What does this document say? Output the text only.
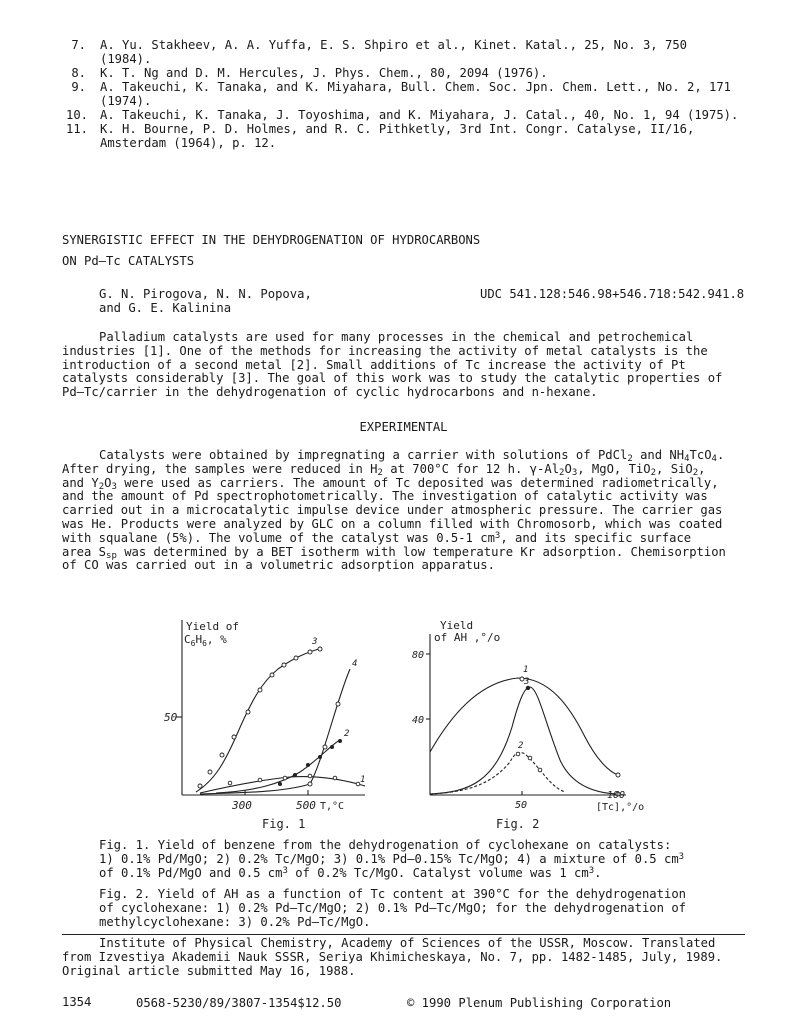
7. A. Yu. Stakheev, A. A. Yuffa, E. S. Shpiro et al., Kinet. Katal., 25, No. 3, 750
(1984).
8. K. T. Ng and D. M. Hercules, J. Phys. Chem., 80, 2094 (1976).
9. A. Takeuchi, K. Tanaka, and K. Miyahara, Bull. Chem. Soc. Jpn. Chem. Lett., No. 2, 171
(1974).
10. A. Takeuchi, K. Tanaka, J. Toyoshima, and K. Miyahara, J. Catal., 40, No. 1, 94 (1975).
11. K. H. Bourne, P. D. Holmes, and R. C. Pithketly, 3rd Int. Congr. Catalyse, II/16,
Amsterdam (1964), p. 12.
SYNERGISTIC EFFECT IN THE DEHYDROGENATION OF HYDROCARBONS
ON Pd–Tc CATALYSTS
G. N. Pirogova, N. N. Popova,
and G. E. Kalinina
UDC 541.128:546.98+546.718:542.941.8
Palladium catalysts are used for many processes in the chemical and petrochemical
industries [1]. One of the methods for increasing the activity of metal catalysts is the
introduction of a second metal [2]. Small additions of Tc increase the activity of Pt
catalysts considerably [3]. The goal of this work was to study the catalytic properties of
Pd–Tc/carrier in the dehydrogenation of cyclic hydrocarbons and n-hexane.
EXPERIMENTAL
Catalysts were obtained by impregnating a carrier with solutions of PdCl$_2$ and $NH_4TcO_4$.
After drying, the samples were reduced in $H_2$ at 700°C for 12 h. $\gamma-Al_2O_3$, MgO, TiO$_2$, SiO$_2$,
and $Y_2O_3$ were used as carriers. The amount of Tc deposited was determined radiometrically,
and the amount of Pd spectrophotometrically. The investigation of catalytic activity was
carried out in a microcatalytic impulse device under atmospheric pressure. The carrier gas
was He. Products were analyzed by GLC on a column filled with Chromosorb, which was coated
with squalane (5%). The volume of the catalyst was 0.5-1 $cm^3$, and its specific surface
area $S_{sp}$ was determined by a BET isotherm with low temperature Kr adsorption. Chemisorption
of CO was carried out in a volumetric adsorption apparatus.
Yield of
$C_6H_6$, %
50
300	500 T,°C
1
2
3
4
Fig. 1
Yield
of AH ,°/o
80
40
50
100
[Tc],°/o
1
2
3
Fig. 2
Fig. 1. Yield of benzene from the dehydrogenation of cyclohexane on catalysts:
1) 0.1% Pd/MgO; 2) 0.2% Tc/MgO; 3) 0.1% Pd–0.15% Tc/MgO; 4) a mixture of 0.5 $cm^3$
of 0.1% Pd/MgO and 0.5 $cm^3$ of 0.2% Tc/MgO. Catalyst volume was 1 $cm^3$.
Fig. 2. Yield of AH as a function of Tc content at 390°C for the dehydrogenation
of cyclohexane: 1) 0.2% Pd–Tc/MgO; 2) 0.1% Pd–Tc/MgO; for the dehydrogenation of
methylcyclohexane: 3) 0.2% Pd–Tc/MgO.
Institute of Physical Chemistry, Academy of Sciences of the USSR, Moscow. Translated
from Izvestiya Akademii Nauk SSSR, Seriya Khimicheskaya, No. 7, pp. 1482-1485, July, 1989.
Original article submitted May 16, 1988.
1354	0568-5230/89/3807-1354$12.50	© 1990 Plenum Publishing Corporation
